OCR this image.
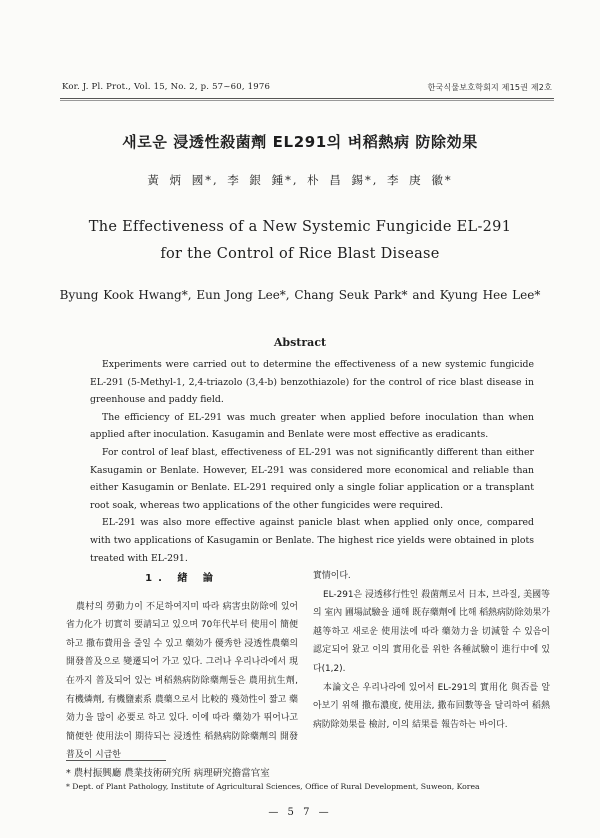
Kor. J. Pl. Prot., Vol. 15, No. 2, p. 57~60, 1976	한국식물보호학회지 제15권 제2호
새로운 浸透性殺菌劑 EL291의 벼稻熱病 防除効果
黃 炳 國*, 李 銀 鍾*, 朴 昌 錫*, 李 庚 徽*
The Effectiveness of a New Systemic Fungicide EL-291
for the Control of Rice Blast Disease
Byung Kook Hwang*, Eun Jong Lee*, Chang Seuk Park* and Kyung Hee Lee*
Abstract

Experiments were carried out to determine the effectiveness of a new systemic fungicide EL-291 (5-Methyl-1, 2,4-triazolo (3,4-b) benzothiazole) for the control of rice blast disease in greenhouse and paddy field.

The efficiency of EL-291 was much greater when applied before inoculation than when applied after inoculation. Kasugamin and Benlate were most effective as eradicants.

For control of leaf blast, effectiveness of EL-291 was not significantly different than either Kasugamin or Benlate. However, EL-291 was considered more economical and reliable than either Kasugamin or Benlate. EL-291 required only a single foliar application or a transplant root soak, whereas two applications of the other fungicides were required.

EL-291 was also more effective against panicle blast when applied only once, compared with two applications of Kasugamin or Benlate. The highest rice yields were obtained in plots treated with EL-291.

1. 緖 論

農村의 勞動力이 不足하여지미 따라 病害虫防除에 있어 省力化가 切實히 要請되고 있으며 70年代부터 使用이 簡便하고 撒布費用을 줄일 수 있고 藥効가 優秀한 浸透性農藥의 開發普及으로 變遷되어 가고 있다. 그러나 우리나라에서 現在까지 普及되어 있는 벼稻熱病防除藥劑들은 農用抗生劑, 有機燐劑, 有機鹽素系 農藥으로서 比較的 殘効性이 짧고 藥効力을 많이 必要로 하고 있다. 이에 따라 藥効가 뛰어나고 簡便한 使用法이 期待되는 浸透性 稻熱病防除藥劑의 開發普及이 시급한

實情이다.

EL-291은 浸透移行性인 殺菌劑로서 日本, 브라질, 美國等의 室內 圃場試驗을 通해 既存藥劑에 比해 稻熱病防除効果가 越等하고 새로운 使用法에 따라 藥効力을 切減할 수 있음이 認定되어 왔고 이의 實用化를 위한 各種試驗이 進行中에 있다(1,2).

本論文은 우리나라에 있어서 EL-291의 實用化 與否를 알아보기 위해 撒布濃度, 使用法, 撒布回數等을 달리하여 稻熱病防除効果를 檢討, 이의 結果를 報告하는 바이다.

* 農村振興廳 農業技術硏究所 病理硏究擔當官室
* Dept. of Plant Pathology, Institute of Agricultural Sciences, Office of Rural Development, Suweon, Korea
— 5 7 —
